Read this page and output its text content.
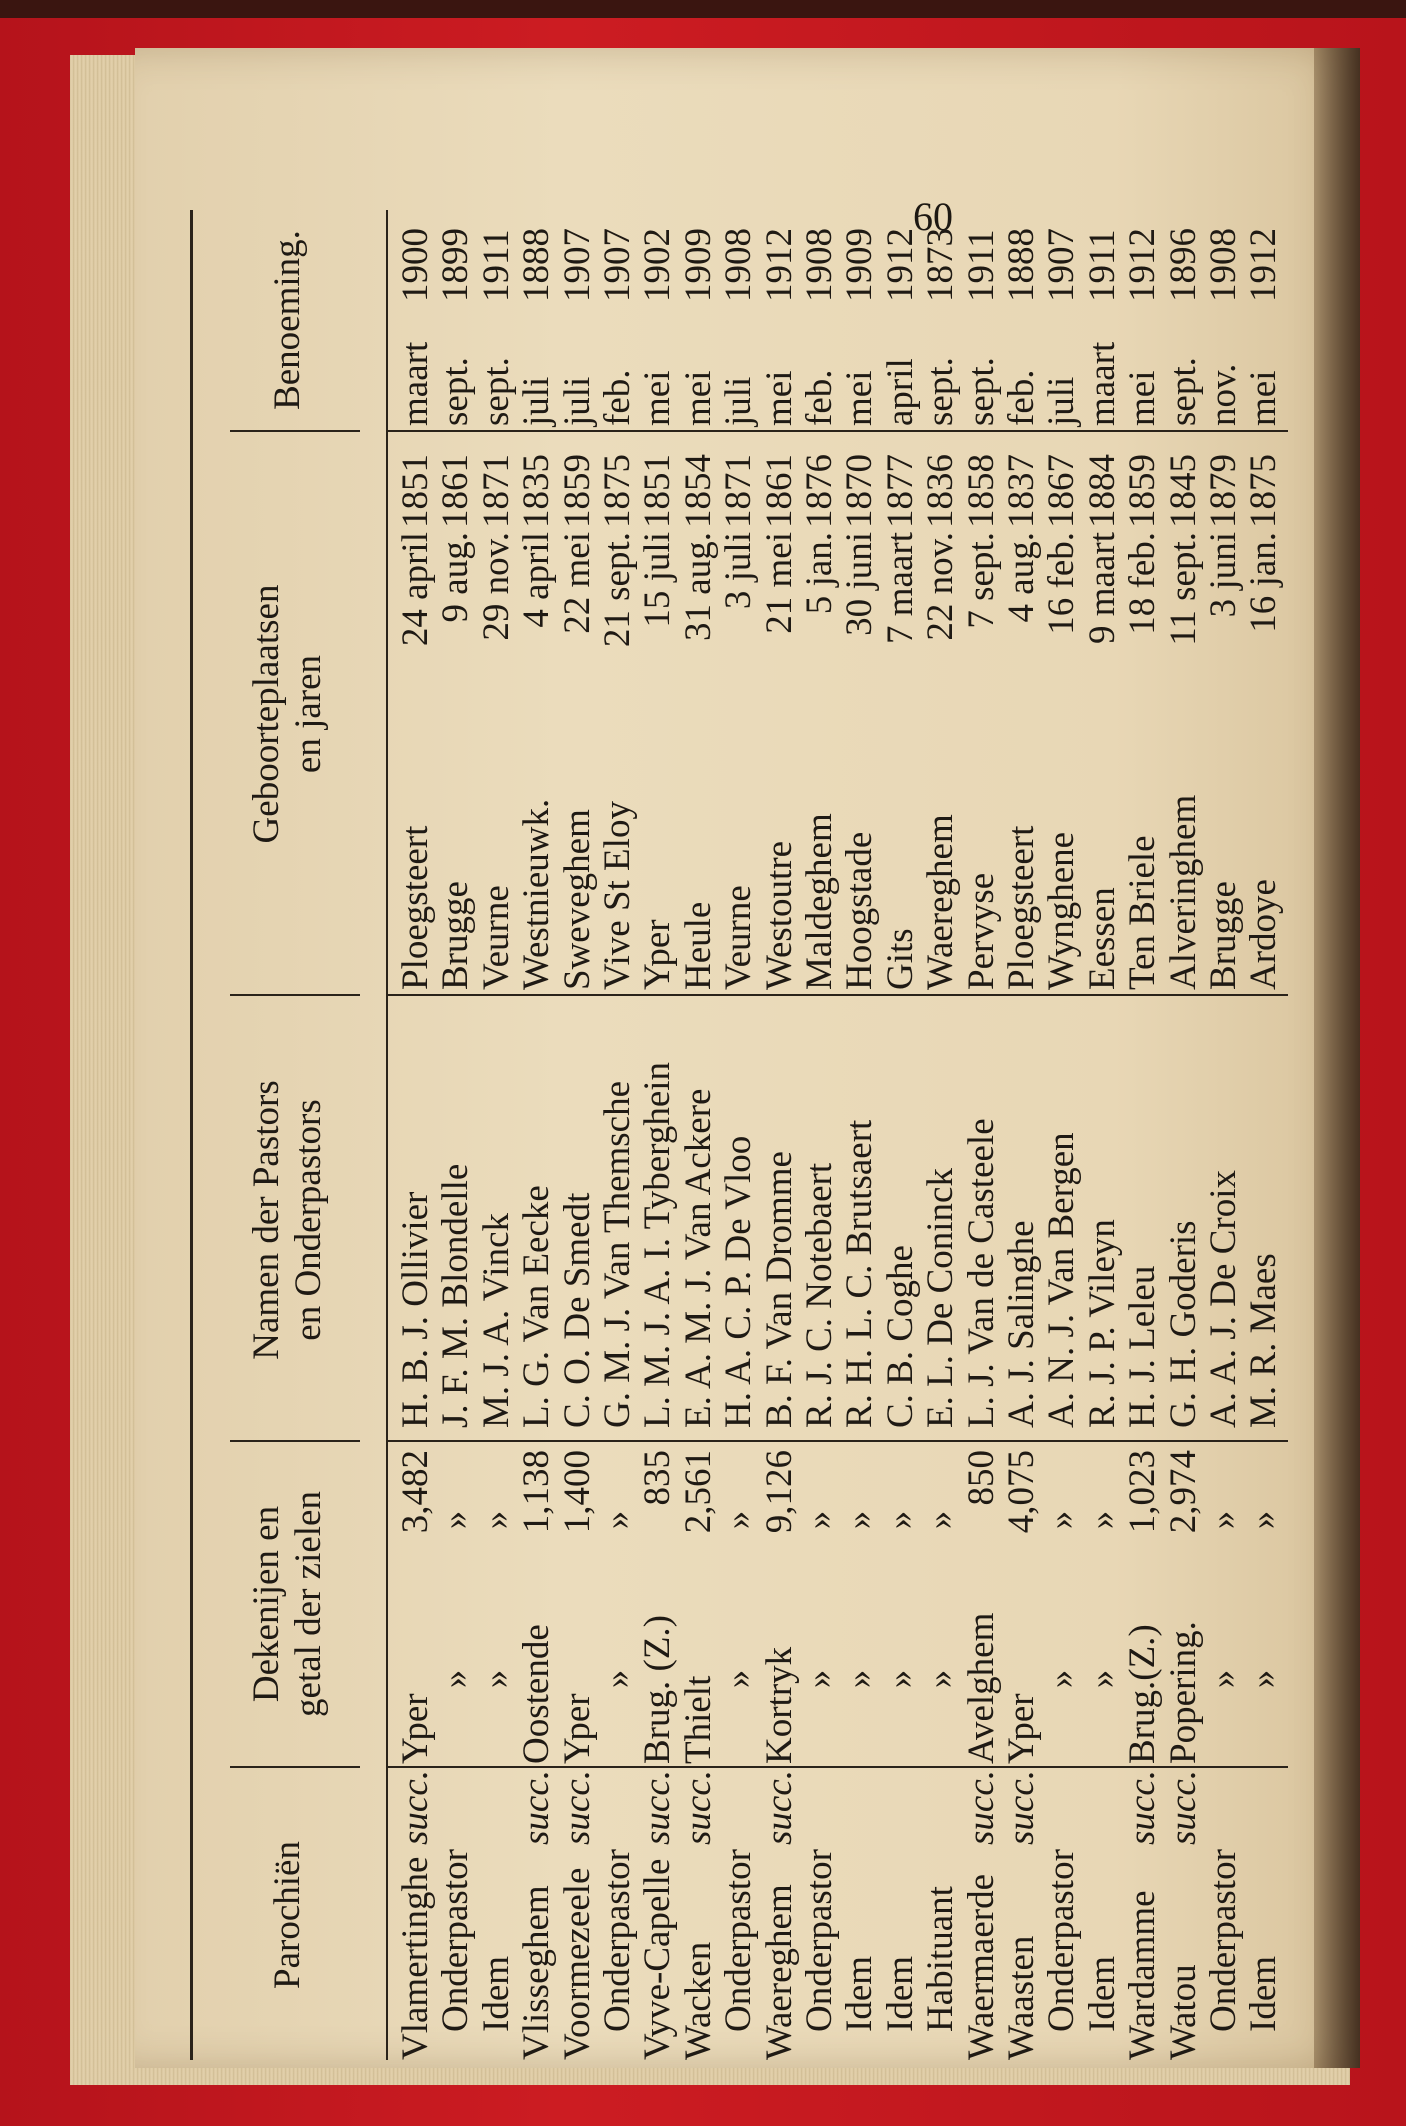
60
Parochiën
Dekenijen en getal der zielen
Namen der Pastors en Onderpastors
Geboorteplaatsen en jaren
Benoeming.
Vlamertinghe
succ.
Yper
3,482
H. B. J. Ollivier
Ploegsteert
24 april
1851
maart
1900
Onderpastor
»
»
J. F. M. Blondelle
Brugge
9 aug.
1861
sept.
1899
Idem
»
»
M. J. A. Vinck
Veurne
29 nov.
1871
sept.
1911
Vlisseghem
succ.
Oostende
1,138
L. G. Van Eecke
Westnieuwk.
4 april
1835
juli
1888
Voormezeele
succ.
Yper
1,400
C. O. De Smedt
Sweveghem
22 mei
1859
juli
1907
Onderpastor
»
»
G. M. J. Van Themsche
Vive St Eloy
21 sept.
1875
feb.
1907
Vyve-Capelle
succ.
Brug. (Z.)
835
L. M. J. A. I. Tyberghein
Yper
15 juli
1851
mei
1902
Wacken
succ.
Thielt
2,561
E. A. M. J. Van Ackere
Heule
31 aug.
1854
mei
1909
Onderpastor
»
»
H. A. C. P. De Vloo
Veurne
3 juli
1871
juli
1908
Waereghem
succ.
Kortryk
9,126
B. F. Van Dromme
Westoutre
21 mei
1861
mei
1912
Onderpastor
»
»
R. J. C. Notebaert
Maldeghem
5 jan.
1876
feb.
1908
Idem
»
»
R. H. L. C. Brutsaert
Hoogstade
30 juni
1870
mei
1909
Idem
»
»
C. B. Coghe
Gits
7 maart
1877
april
1912
Habituant
»
»
E. L. De Coninck
Waereghem
22 nov.
1836
sept.
1873
Waermaerde
succ.
Avelghem
850
L. J. Van de Casteele
Pervyse
7 sept.
1858
sept.
1911
Waasten
succ.
Yper
4,075
A. J. Salinghe
Ploegsteert
4 aug.
1837
feb.
1888
Onderpastor
»
»
A. N. J. Van Bergen
Wynghene
16 feb.
1867
juli
1907
Idem
»
»
R. J. P. Vileyn
Eessen
9 maart
1884
maart
1911
Wardamme
succ.
Brug.(Z.)
1,023
H. J. Leleu
Ten Briele
18 feb.
1859
mei
1912
Watou
succ.
Popering.
2,974
G. H. Goderis
Alveringhem
11 sept.
1845
sept.
1896
Onderpastor
»
»
A. A. J. De Croix
Brugge
3 juni
1879
nov.
1908
Idem
»
»
M. R. Maes
Ardoye
16 jan.
1875
mei
1912
